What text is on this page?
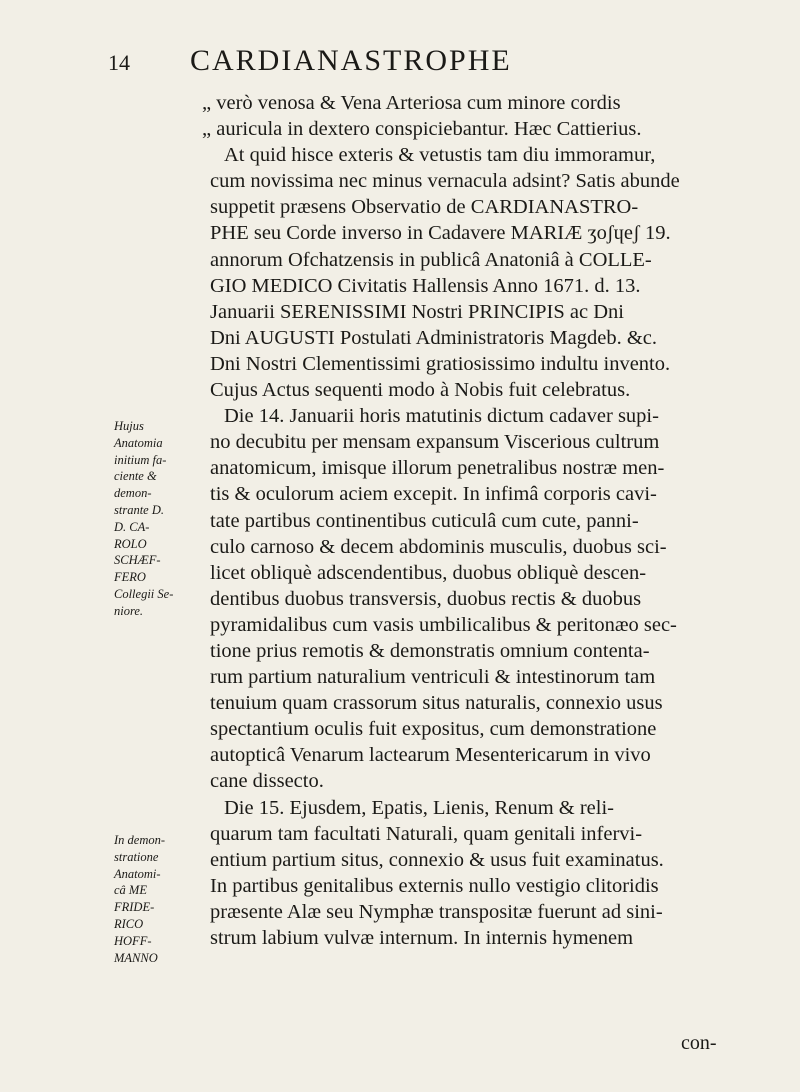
14 CARDIANASTROPHE
„ verò venosa & Vena Arteriosa cum minore cordis
„ auricula in dextero conspiciebantur. Hæc Cattierius.
At quid hisce exteris & vetustis tam diu immoramur,
cum novissima nec minus vernacula adsint? Satis abunde
suppetit præsens Observatio de CARDIANASTRO-
PHE seu Corde inverso in Cadavere MARIÆ ʒoʃɥeʃ 19.
annorum Ofchatzensis in publicâ Anatoniâ à COLLE-
GIO MEDICO Civitatis Hallensis Anno 1671. d. 13.
Januarii SERENISSIMI Nostri PRINCIPIS ac Dni
Dni AUGUSTI Postulati Administratoris Magdeb. &c.
Dni Nostri Clementissimi gratiosissimo indultu invento.
Cujus Actus sequenti modo à Nobis fuit celebratus.
Die 14. Januarii horis matutinis dictum cadaver supi-
no decubitu per mensam expansum Viscerious cultrum
anatomicum, imisque illorum penetralibus nostræ men-
tis & oculorum aciem excepit. In infimâ corporis cavi-
tate partibus continentibus cuticulâ cum cute, panni-
culo carnoso & decem abdominis musculis, duobus sci-
licet obliquè adscendentibus, duobus obliquè descen-
dentibus duobus transversis, duobus rectis & duobus
pyramidalibus cum vasis umbilicalibus & peritonæo sec-
tione prius remotis & demonstratis omnium contenta-
rum partium naturalium ventriculi & intestinorum tam
tenuium quam crassorum situs naturalis, connexio usus
spectantium oculis fuit expositus, cum demonstratione
autopticâ Venarum lactearum Mesentericarum in vivo
cane dissecto.
Die 15. Ejusdem, Epatis, Lienis, Renum & reli-
quarum tam facultati Naturali, quam genitali infervi-
entium partium situs, connexio & usus fuit examinatus.
In partibus genitalibus externis nullo vestigio clitoridis
præsente Alæ seu Nymphæ transpositæ fuerunt ad sini-
strum labium vulvæ internum. In internis hymenem
Hujus
Anatomia
initium fa-
ciente &
demon-
strante D.
D. CA-
ROLO
SCHÆF-
FERO
Collegii Se-
niore.
In demon-
stratione
Anatomi-
câ ME
FRIDE-
RICO
HOFF-
MANNO
con-
